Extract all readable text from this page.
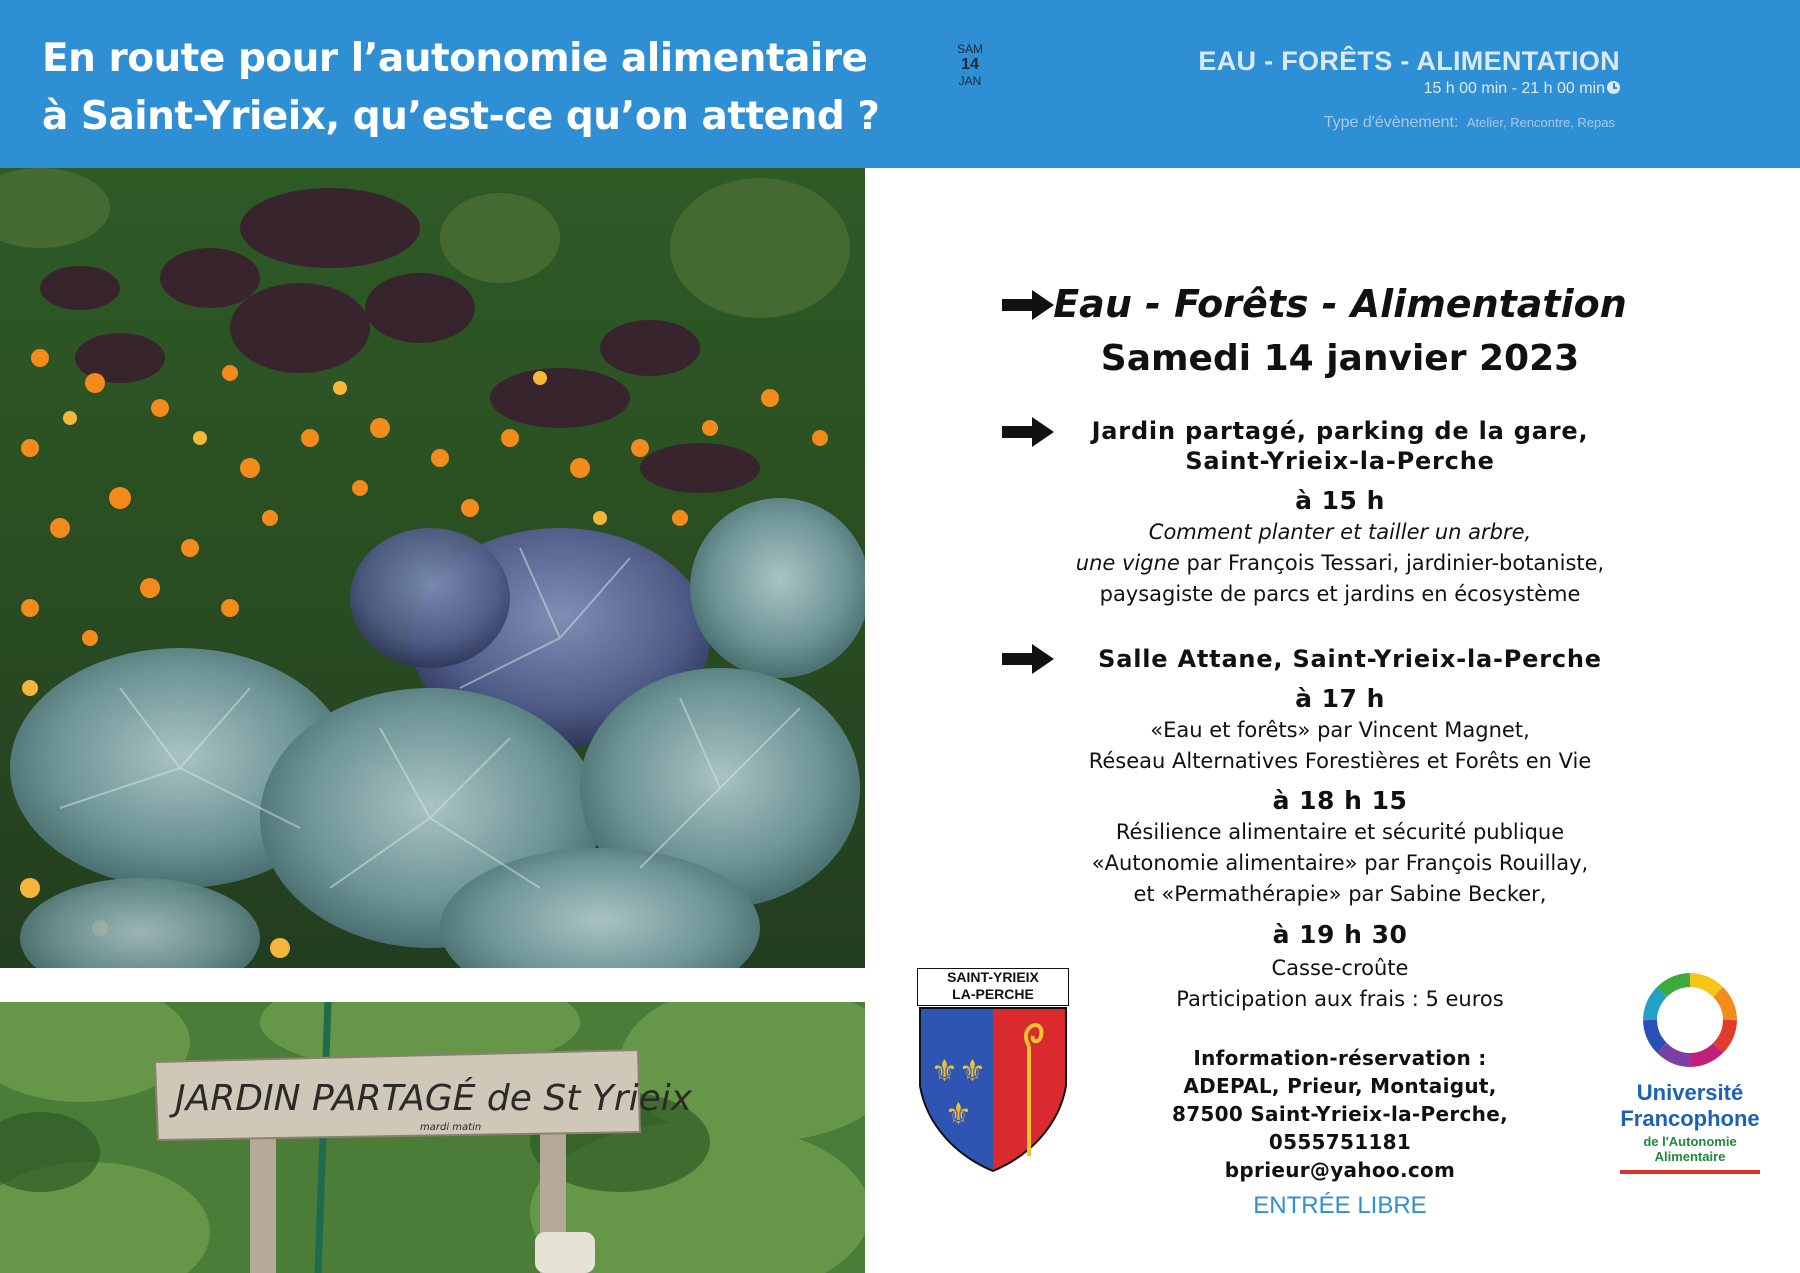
En route pour l’autonomie alimentaire
à Saint-Yrieix, qu’est-ce qu’on attend ?
SAM
14
JAN
EAU - FORÊTS - ALIMENTATION
15 h 00 min - 21 h 00 min
Type d'évènement: Atelier, Rencontre, Repas
JARDIN PARTAGÉ de St Yrieix
mardi matin
Eau - Forêts - Alimentation
Samedi 14 janvier 2023
Jardin partagé, parking de la gare,
Saint-Yrieix-la-Perche
à 15 h
Comment planter et tailler un arbre,
une vigne par François Tessari, jardinier-botaniste,
paysagiste de parcs et jardins en écosystème
Salle Attane, Saint-Yrieix-la-Perche
à 17 h
«Eau et forêts» par Vincent Magnet,
Réseau Alternatives Forestières et Forêts en Vie
à 18 h 15
Résilience alimentaire et sécurité publique
«Autonomie alimentaire» par François Rouillay,
et «Permathérapie» par Sabine Becker,
à 19 h 30
Casse-croûte
Participation aux frais : 5 euros
Information-réservation :
ADEPAL, Prieur, Montaigut,
87500 Saint-Yrieix-la-Perche,
0555751181
bprieur@yahoo.com
ENTRÉE LIBRE
SAINT-YRIEIX
LA-PERCHE
⚜ ⚜
⚜
Université
Francophone
de l'Autonomie Alimentaire
